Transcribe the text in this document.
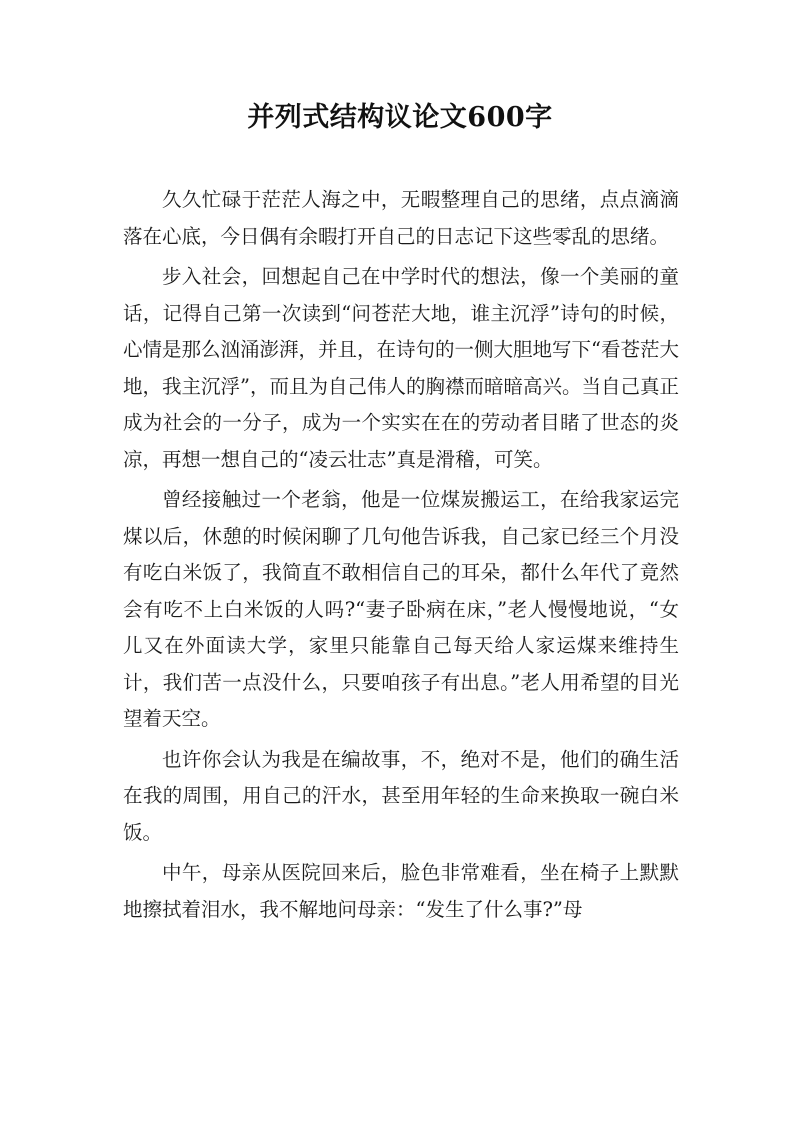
并列式结构议论文600字

久久忙碌于茫茫人海之中，无暇整理自己的思绪，点点滴滴落在心底，今日偶有余暇打开自己的日志记下这些零乱的思绪。

步入社会，回想起自己在中学时代的想法，像一个美丽的童话，记得自己第一次读到“问苍茫大地，谁主沉浮”诗句的时候，心情是那么汹涌澎湃，并且，在诗句的一侧大胆地写下“看苍茫大地，我主沉浮”，而且为自己伟人的胸襟而暗暗高兴。当自己真正成为社会的一分子，成为一个实实在在的劳动者目睹了世态的炎凉，再想一想自己的“凌云壮志”真是滑稽，可笑。

曾经接触过一个老翁，他是一位煤炭搬运工，在给我家运完煤以后，休憩的时候闲聊了几句他告诉我，自己家已经三个月没有吃白米饭了，我简直不敢相信自己的耳朵，都什么年代了竟然会有吃不上白米饭的人吗?“妻子卧病在床，”老人慢慢地说，“女儿又在外面读大学，家里只能靠自己每天给人家运煤来维持生计，我们苦一点没什么，只要咱孩子有出息。”老人用希望的目光望着天空。

也许你会认为我是在编故事，不，绝对不是，他们的确生活在我的周围，用自己的汗水，甚至用年轻的生命来换取一碗白米饭。

中午，母亲从医院回来后，脸色非常难看，坐在椅子上默默地擦拭着泪水，我不解地问母亲：“发生了什么事?”母
